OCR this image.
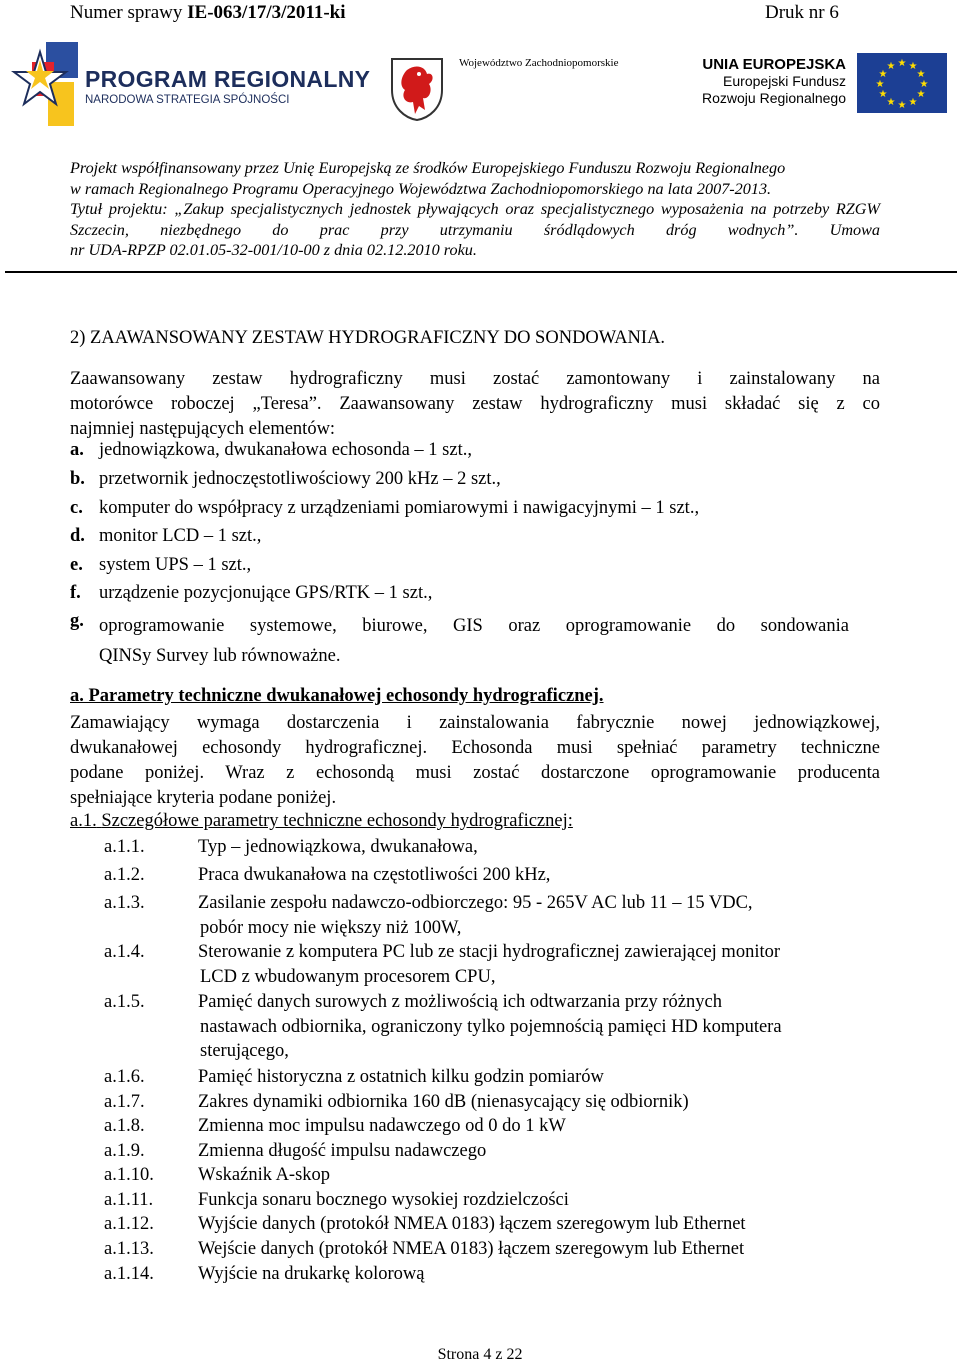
Numer sprawy IE-063/17/3/2011-ki	Druk nr 6
PROGRAM REGIONALNY
NARODOWA STRATEGIA SPÓJNOŚCI
Województwo Zachodniopomorskie	UNIA EUROPEJSKA
Europejski Fundusz
Rozwoju Regionalnego
★ ★
★
★
★
★
★
★
★
★
★
★
Projekt współfinansowany przez Unię Europejską ze środków Europejskiego Funduszu Rozwoju Regionalnego
w ramach Regionalnego Programu Operacyjnego Województwa Zachodniopomorskiego na lata 2007-2013.
Tytuł projektu: „Zakup specjalistycznych jednostek pływających oraz specjalistycznego wyposażenia na potrzeby RZGW Szczecin, niezbędnego do prac przy utrzymaniu śródlądowych dróg wodnych”. Umowa
nr UDA-RPZP 02.01.05-32-001/10-00 z dnia 02.12.2010 roku.
2) ZAAWANSOWANY ZESTAW HYDROGRAFICZNY DO SONDOWANIA.
Zaawansowany zestaw hydrograficzny musi zostać zamontowany i zainstalowany na
motorówce roboczej „Teresa”. Zaawansowany zestaw hydrograficzny musi składać się z co
najmniej następujących elementów:
a. jednowiązkowa, dwukanałowa echosonda – 1 szt.,
b. przetwornik jednoczęstotliwościowy 200 kHz – 2 szt.,
c. komputer do współpracy z urządzeniami pomiarowymi i nawigacyjnymi – 1 szt.,
d. monitor LCD – 1 szt.,
e. system UPS – 1 szt.,
f. urządzenie pozycjonujące GPS/RTK – 1 szt.,
g. oprogramowanie systemowe, biurowe, GIS oraz oprogramowanie do sondowania
QINSy Survey lub równoważne.
a. Parametry techniczne dwukanałowej echosondy hydrograficznej.
Zamawiający wymaga dostarczenia i zainstalowania fabrycznie nowej jednowiązkowej,
dwukanałowej echosondy hydrograficznej. Echosonda musi spełniać parametry techniczne
podane poniżej. Wraz z echosondą musi zostać dostarczone oprogramowanie producenta
spełniające kryteria podane poniżej.
a.1. Szczegółowe parametry techniczne echosondy hydrograficznej:
a.1.1.	Typ – jednowiązkowa, dwukanałowa,
a.1.2.	Praca dwukanałowa na częstotliwości 200 kHz,
a.1.3.	Zasilanie zespołu nadawczo-odbiorczego: 95 - 265V AC lub 11 – 15 VDC,
pobór mocy nie większy niż 100W,
a.1.4.	Sterowanie z komputera PC lub ze stacji hydrograficznej zawierającej monitor
LCD z wbudowanym procesorem CPU,
a.1.5.	Pamięć danych surowych z możliwością ich odtwarzania przy różnych
nastawach odbiornika, ograniczony tylko pojemnością pamięci HD komputera
sterującego,
a.1.6.	Pamięć historyczna z ostatnich kilku godzin pomiarów
a.1.7.	Zakres dynamiki odbiornika 160 dB (nienasycający się odbiornik)
a.1.8.	Zmienna moc impulsu nadawczego od 0 do 1 kW
a.1.9.	Zmienna długość impulsu nadawczego
a.1.10. Wskaźnik A-skop
a.1.11. Funkcja sonaru bocznego wysokiej rozdzielczości
a.1.12. Wyjście danych (protokół NMEA 0183) łączem szeregowym lub Ethernet
a.1.13. Wejście danych (protokół NMEA 0183) łączem szeregowym lub Ethernet
a.1.14. Wyjście na drukarkę kolorową
Strona 4 z 22
